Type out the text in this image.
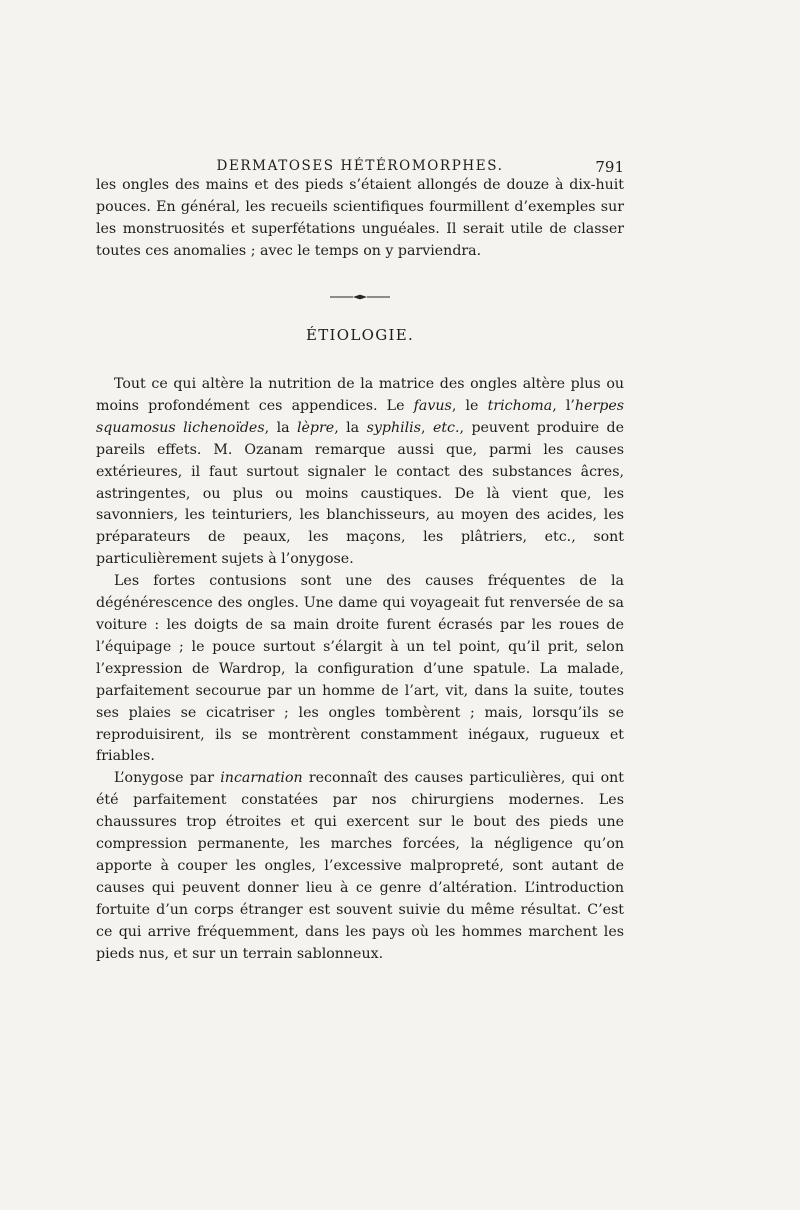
DERMATOSES HÉTÉROMORPHES.	791

les ongles des mains et des pieds s’étaient allongés de douze à dix-huit pouces. En général, les recueils scientifiques fourmillent d’exemples sur les monstruosités et superfétations unguéales. Il serait utile de classer toutes ces anomalies ; avec le temps on y parviendra.

ÉTIOLOGIE.

Tout ce qui altère la nutrition de la matrice des ongles altère plus ou moins profondément ces appendices. Le favus, le trichoma, l’herpes squamosus lichenoïdes, la lèpre, la syphilis, etc., peuvent produire de pareils effets. M. Ozanam remarque aussi que, parmi les causes extérieures, il faut surtout signaler le contact des substances âcres, astringentes, ou plus ou moins caustiques. De là vient que, les savonniers, les teinturiers, les blanchisseurs, au moyen des acides, les préparateurs de peaux, les maçons, les plâtriers, etc., sont particulièrement sujets à l’onygose.

Les fortes contusions sont une des causes fréquentes de la dégénérescence des ongles. Une dame qui voyageait fut renversée de sa voiture : les doigts de sa main droite furent écrasés par les roues de l’équipage ; le pouce surtout s’élargit à un tel point, qu’il prit, selon l’expression de Wardrop, la configuration d’une spatule. La malade, parfaitement secourue par un homme de l’art, vit, dans la suite, toutes ses plaies se cicatriser ; les ongles tombèrent ; mais, lorsqu’ils se reproduisirent, ils se montrèrent constamment inégaux, rugueux et friables.

L’onygose par incarnation reconnaît des causes particulières, qui ont été parfaitement constatées par nos chirurgiens modernes. Les chaussures trop étroites et qui exercent sur le bout des pieds une compression permanente, les marches forcées, la négligence qu’on apporte à couper les ongles, l’excessive malpropreté, sont autant de causes qui peuvent donner lieu à ce genre d’altération. L’introduction fortuite d’un corps étranger est souvent suivie du même résultat. C’est ce qui arrive fréquemment, dans les pays où les hommes marchent les pieds nus, et sur un terrain sablonneux.
